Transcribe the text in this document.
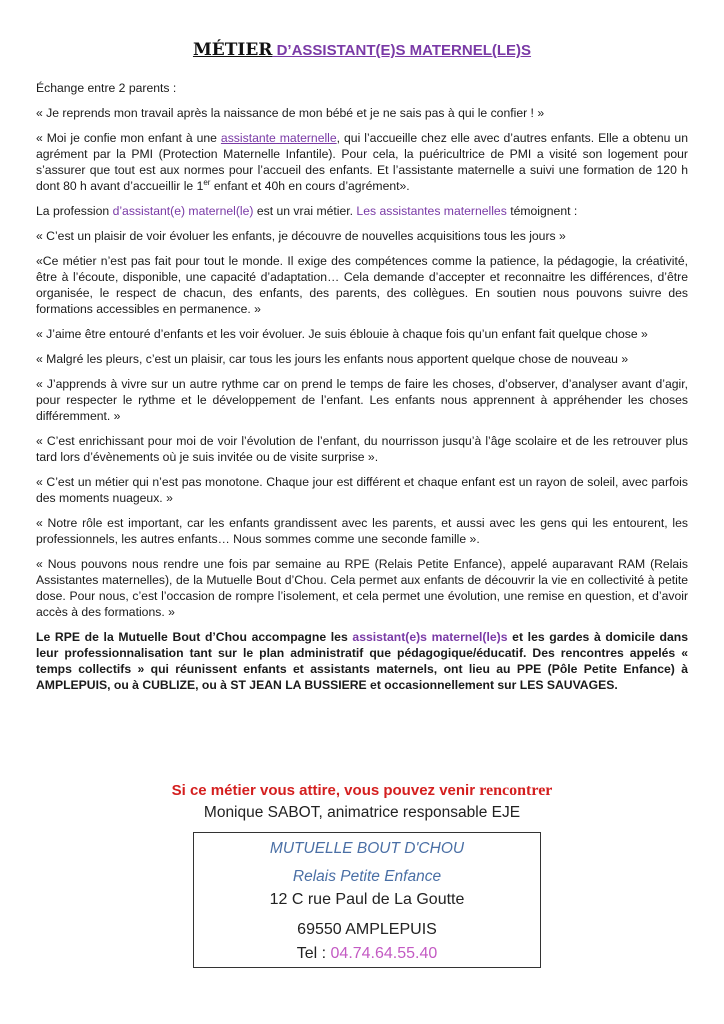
MÉTIER D’ASSISTANT(E)S MATERNEL(LE)S

Échange entre 2 parents :

« Je reprends mon travail après la naissance de mon bébé et je ne sais pas à qui le confier ! »

« Moi je confie mon enfant à une assistante maternelle, qui l’accueille chez elle avec d’autres enfants. Elle a obtenu un agrément par la PMI (Protection Maternelle Infantile). Pour cela, la puéricultrice de PMI a visité son logement pour s’assurer que tout est aux normes pour l’accueil des enfants. Et l’assistante maternelle a suivi une formation de 120 h dont 80 h avant d’accueillir le 1er enfant et 40h en cours d’agrément».

La profession d’assistant(e) maternel(le) est un vrai métier. Les assistantes maternelles témoignent :

« C’est un plaisir de voir évoluer les enfants, je découvre de nouvelles acquisitions tous les jours »

«Ce métier n’est pas fait pour tout le monde. Il exige des compétences comme la patience, la pédagogie, la créativité, être à l’écoute, disponible, une capacité d’adaptation… Cela demande d’accepter et reconnaitre les différences, d’être organisée, le respect de chacun, des enfants, des parents, des collègues. En soutien nous pouvons suivre des formations accessibles en permanence. »

« J’aime être entouré d’enfants et les voir évoluer. Je suis éblouie à chaque fois qu’un enfant fait quelque chose »

« Malgré les pleurs, c’est un plaisir, car tous les jours les enfants nous apportent quelque chose de nouveau »

« J’apprends à vivre sur un autre rythme car on prend le temps de faire les choses, d’observer, d’analyser avant d’agir, pour respecter le rythme et le développement de l’enfant. Les enfants nous apprennent à appréhender les choses différemment. »

« C’est enrichissant pour moi de voir l’évolution de l’enfant, du nourrisson jusqu’à l’âge scolaire et de les retrouver plus tard lors d’évènements où je suis invitée ou de visite surprise ».

« C’est un métier qui n’est pas monotone. Chaque jour est différent et chaque enfant est un rayon de soleil, avec parfois des moments nuageux. »

« Notre rôle est important, car les enfants grandissent avec les parents, et aussi avec les gens qui les entourent, les professionnels, les autres enfants… Nous sommes comme une seconde famille ».

« Nous pouvons nous rendre une fois par semaine au RPE (Relais Petite Enfance), appelé auparavant RAM (Relais Assistantes maternelles), de la Mutuelle Bout d’Chou. Cela permet aux enfants de découvrir la vie en collectivité à petite dose. Pour nous, c’est l’occasion de rompre l’isolement, et cela permet une évolution, une remise en question, et d’avoir accès à des formations. »

Le RPE de la Mutuelle Bout d’Chou accompagne les assistant(e)s maternel(le)s et les gardes à domicile dans leur professionnalisation tant sur le plan administratif que pédagogique/éducatif. Des rencontres appelés « temps collectifs » qui réunissent enfants et assistants maternels, ont lieu au PPE (Pôle Petite Enfance) à AMPLEPUIS, ou à CUBLIZE, ou à ST JEAN LA BUSSIERE et occasionnellement sur LES SAUVAGES.

Si ce métier vous attire, vous pouvez venir rencontrer
Monique SABOT, animatrice responsable EJE
MUTUELLE BOUT D'CHOU
Relais Petite Enfance
12 C rue Paul de La Goutte
69550 AMPLEPUIS
Tel : 04.74.64.55.40
